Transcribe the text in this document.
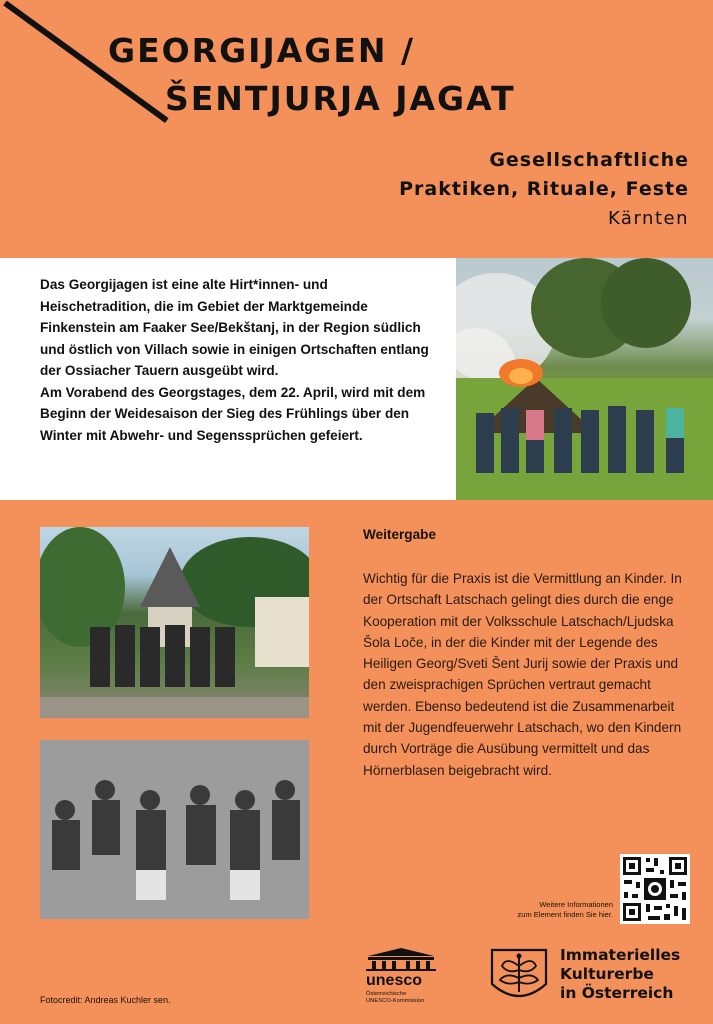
GEORGIJAGEN /
ŠENTJURJA JAGAT
Gesellschaftliche
Praktiken, Rituale, Feste
Kärnten
Das Georgijagen ist eine alte Hirt*innen- und Heischetradition, die im Gebiet der Marktgemeinde Finkenstein am Faaker See/Bekštanj, in der Region südlich und östlich von Villach sowie in einigen Ortschaften entlang der Ossiacher Tauern ausgeübt wird.
Am Vorabend des Georgstages, dem 22. April, wird mit dem Beginn der Weidesaison der Sieg des Frühlings über den Winter mit Abwehr- und Segenssprüchen gefeiert.
Weitergabe
Wichtig für die Praxis ist die Vermittlung an Kinder. In der Ortschaft Latschach gelingt dies durch die enge Kooperation mit der Volksschule Latschach/Ljudska Šola Loče, in der die Kinder mit der Legende des Heiligen Georg/Sveti Šent Jurij sowie der Praxis und den zweisprachigen Sprüchen vertraut gemacht werden. Ebenso bedeutend ist die Zusammenarbeit mit der Jugendfeuerwehr Latschach, wo den Kindern durch Vorträge die Ausübung vermittelt und das Hörnerblasen beigebracht wird.
Weitere Informationen
zum Element finden Sie hier.
Fotocredit: Andreas Kuchler sen.
unesco
Österreichische
UNESCO-Kommission
Immaterielles
Kulturerbe
in Österreich
